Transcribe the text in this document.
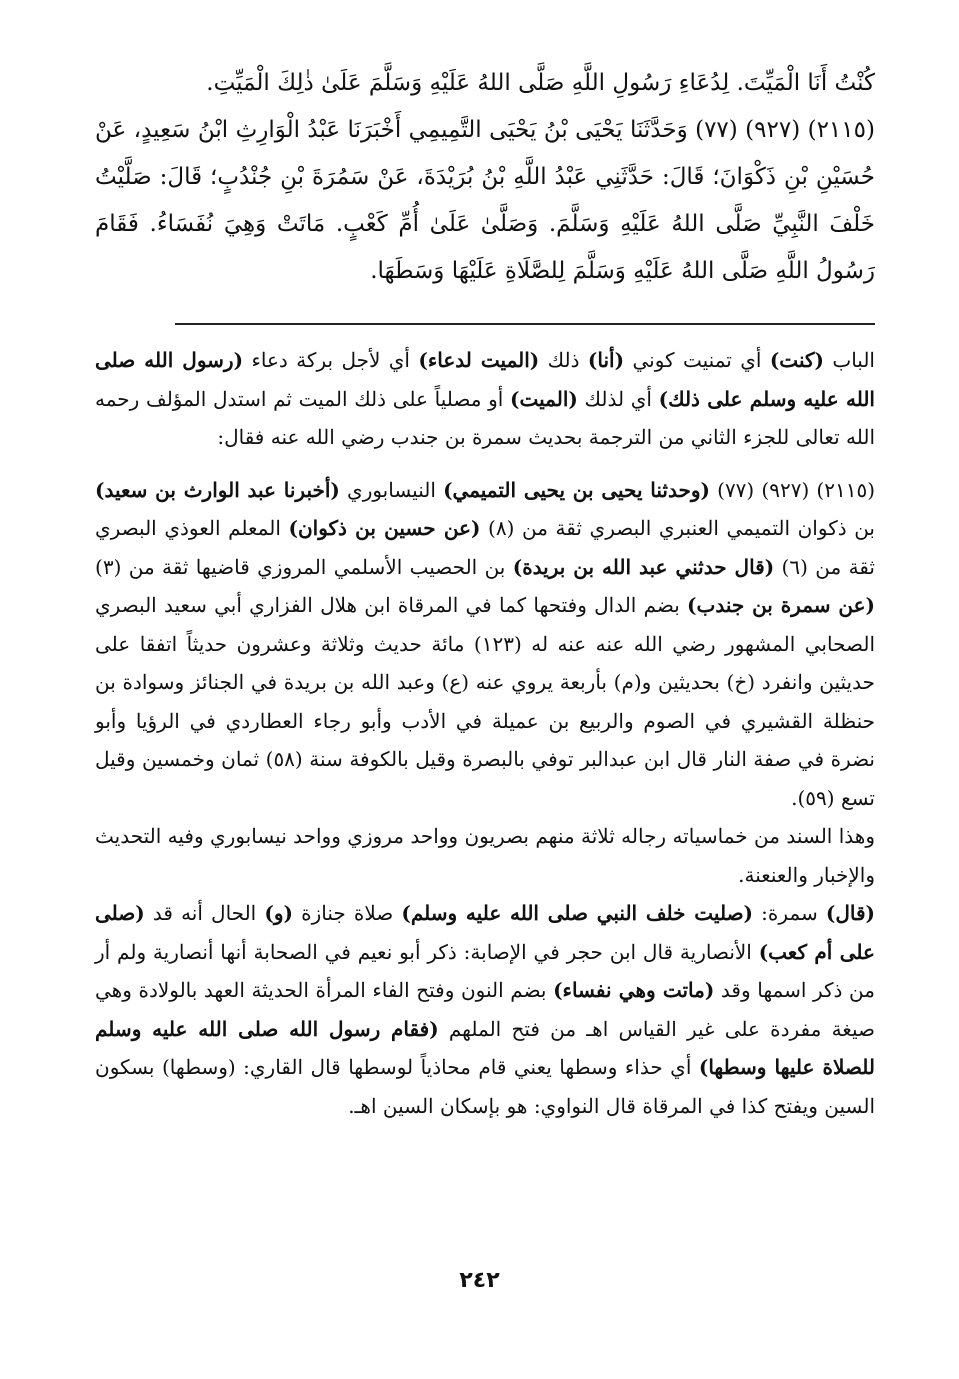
كُنْتُ أَنَا الْمَيِّتَ. لِدُعَاءِ رَسُولِ اللَّهِ صَلَّى اللهُ عَلَيْهِ وَسَلَّمَ عَلَىٰ ذٰلِكَ الْمَيِّتِ.

(٢١١٥) (٩٢٧) (٧٧) وَحَدَّثَنَا يَحْيَى بْنُ يَحْيَى التَّمِيمِي أَخْبَرَنَا عَبْدُ الْوَارِثِ ابْنُ سَعِيدٍ، عَنْ حُسَيْنِ بْنِ ذَكْوَانَ؛ قَالَ: حَدَّثَنِي عَبْدُ اللَّهِ بْنُ بُرَيْدَةَ، عَنْ سَمُرَةَ بْنِ جُنْدُبٍ؛ قَالَ: صَلَّيْتُ خَلْفَ النَّبِيِّ صَلَّى اللهُ عَلَيْهِ وَسَلَّمَ. وَصَلَّىٰ عَلَىٰ أُمِّ كَعْبٍ. مَاتَتْ وَهِيَ نُفَسَاءُ. فَقَامَ رَسُولُ اللَّهِ صَلَّى اللهُ عَلَيْهِ وَسَلَّمَ لِلصَّلَاةِ عَلَيْهَا وَسَطَهَا.

الباب (كنت) أي تمنيت كوني (أنا) ذلك (الميت لدعاء) أي لأجل بركة دعاء (رسول الله صلى الله عليه وسلم على ذلك) أي لذلك (الميت) أو مصلياً على ذلك الميت ثم استدل المؤلف رحمه الله تعالى للجزء الثاني من الترجمة بحديث سمرة بن جندب رضي الله عنه فقال:

(٢١١٥) (٩٢٧) (٧٧) (وحدثنا يحيى بن يحيى التميمي) النيسابوري (أخبرنا عبد الوارث بن سعيد) بن ذكوان التميمي العنبري البصري ثقة من (٨) (عن حسين بن ذكوان) المعلم العوذي البصري ثقة من (٦) (قال حدثني عبد الله بن بريدة) بن الحصيب الأسلمي المروزي قاضيها ثقة من (٣) (عن سمرة بن جندب) بضم الدال وفتحها كما في المرقاة ابن هلال الفزاري أبي سعيد البصري الصحابي المشهور رضي الله عنه عنه له (١٢٣) مائة حديث وثلاثة وعشرون حديثاً اتفقا على حديثين وانفرد (خ) بحديثين و(م) بأربعة يروي عنه (ع) وعبد الله بن بريدة في الجنائز وسوادة بن حنظلة القشيري في الصوم والربيع بن عميلة في الأدب وأبو رجاء العطاردي في الرؤيا وأبو نضرة في صفة النار قال ابن عبدالبر توفي بالبصرة وقيل بالكوفة سنة (٥٨) ثمان وخمسين وقيل تسع (٥٩).

وهذا السند من خماسياته رجاله ثلاثة منهم بصريون وواحد مروزي وواحد نيسابوري وفيه التحديث والإخبار والعنعنة.

(قال) سمرة: (صليت خلف النبي صلى الله عليه وسلم) صلاة جنازة (و) الحال أنه قد (صلى على أم كعب) الأنصارية قال ابن حجر في الإصابة: ذكر أبو نعيم في الصحابة أنها أنصارية ولم أر من ذكر اسمها وقد (ماتت وهي نفساء) بضم النون وفتح الفاء المرأة الحديثة العهد بالولادة وهي صيغة مفردة على غير القياس اهـ من فتح الملهم (فقام رسول الله صلى الله عليه وسلم للصلاة عليها وسطها) أي حذاء وسطها يعني قام محاذياً لوسطها قال القاري: (وسطها) بسكون السين ويفتح كذا في المرقاة قال النواوي: هو بإسكان السين اهـ.

٢٤٢
